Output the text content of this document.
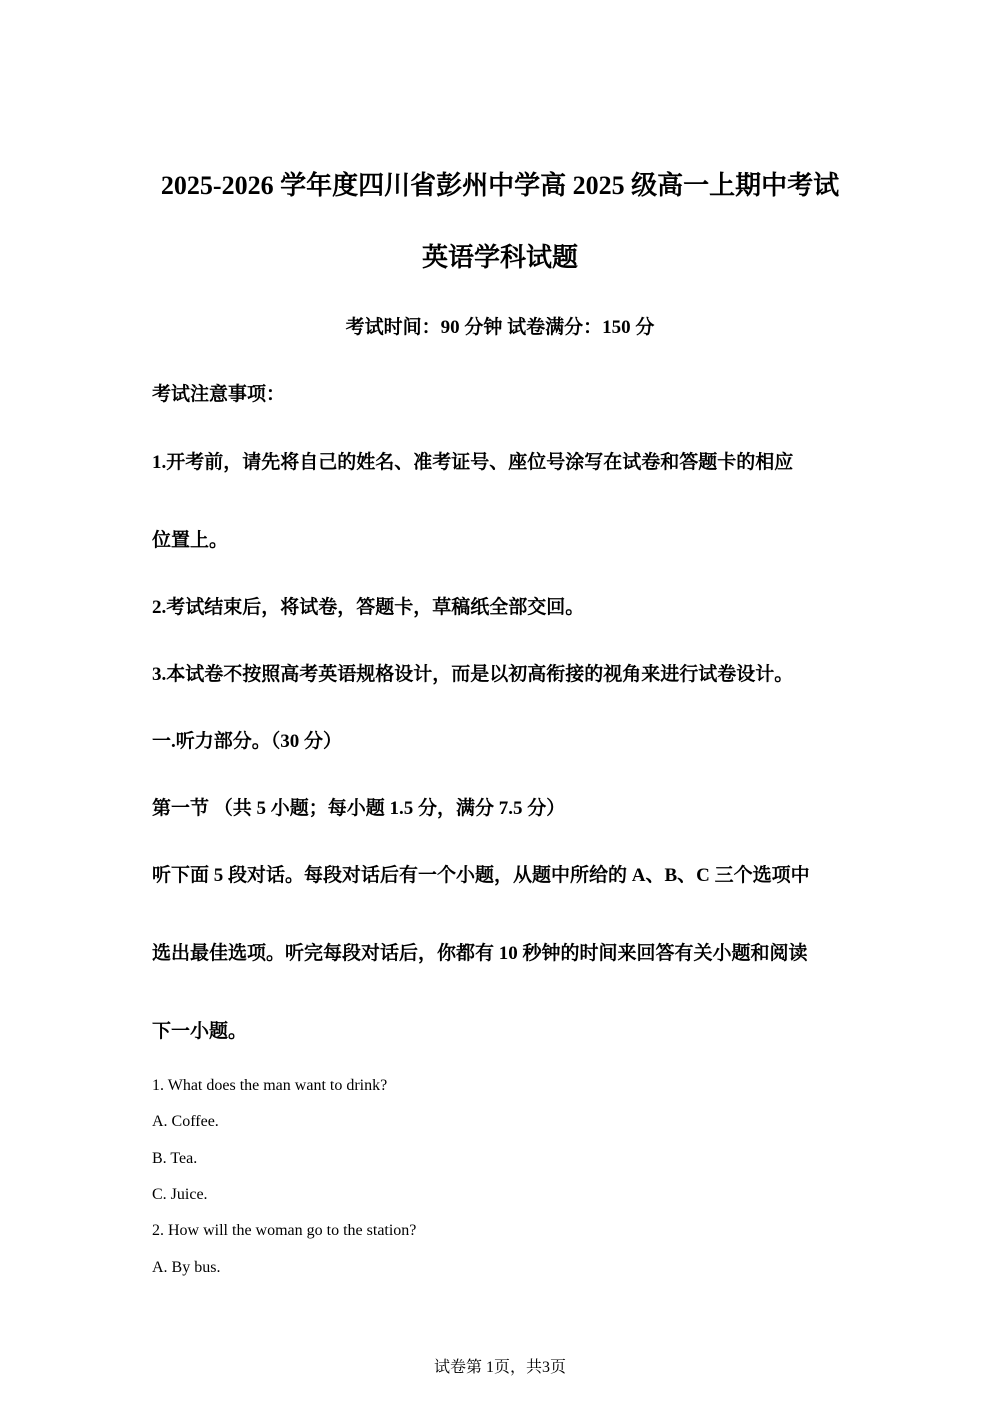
2025-2026 学年度四川省彭州中学高 2025 级高一上期中考试
英语学科试题
考试时间：90 分钟 试卷满分：150 分
考试注意事项：
1.开考前，请先将自己的姓名、准考证号、座位号涂写在试卷和答题卡的相应
位置上。
2.考试结束后，将试卷，答题卡，草稿纸全部交回。
3.本试卷不按照高考英语规格设计，而是以初高衔接的视角来进行试卷设计。
一.听力部分。（30 分）
第一节 （共 5 小题；每小题 1.5 分，满分 7.5 分）
听下面 5 段对话。每段对话后有一个小题，从题中所给的 A、B、C 三个选项中
选出最佳选项。听完每段对话后，你都有 10 秒钟的时间来回答有关小题和阅读
下一小题。
1. What does the man want to drink?
A. Coffee.
B. Tea.
C. Juice.
2. How will the woman go to the station?
A. By bus.
试卷第 1页，共3页
